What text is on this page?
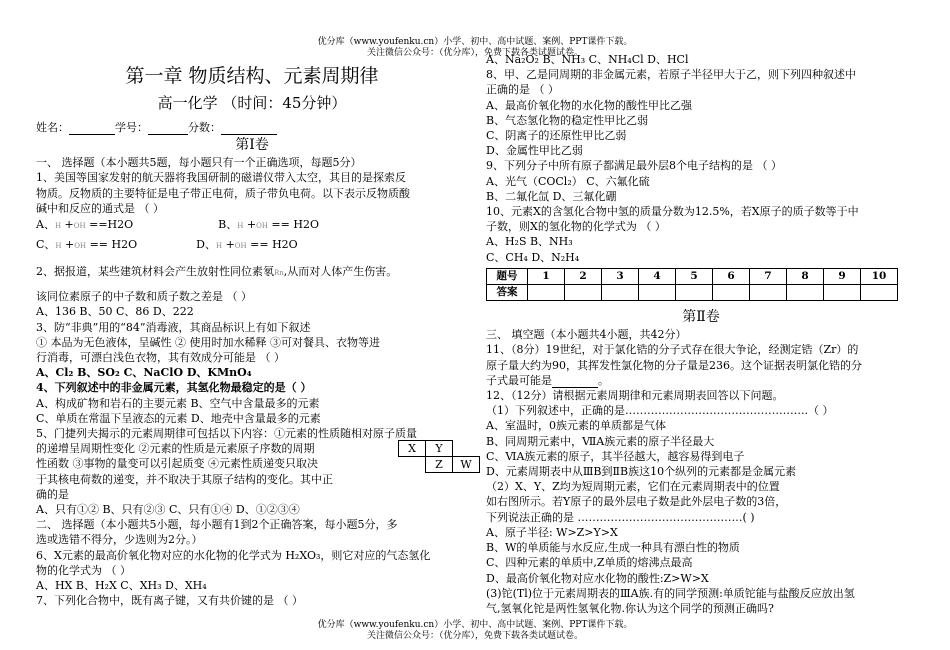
优分库（www.youfenku.cn）小学、初中、高中试题、案例、PPT课件下载。
关注微信公众号：（优分库），免费下载各类试题试卷。

第一章 物质结构、元素周期律

高一化学 （时间：45分钟）

姓名：	学号：	分数：

第Ⅰ卷

一、 选择题（本小题共5题，每小题只有一个正确选项，每题5分）

1、美国等国家发射的航天器将我国研制的磁谱仪带入太空，其目的是探索反

物质。反物质的主要特征是电子带正电荷，质子带负电荷。以下表示反物质酸

碱中和反应的通式是 （ ）

A、H +OH ==H2O	B、H +OH == H2O

C、H +OH == H2O	D、H +OH == H2O

2、据报道，某些建筑材料会产生放射性同位素氡Rn,从而对人体产生伤害。

该同位素原子的中子数和质子数之差是 （ ）

A、136 B、50 C、86 D、222

3、防“非典”用的“84”消毒液，其商品标识上有如下叙述

① 本品为无色液体，呈碱性 ② 使用时加水稀释 ③可对餐具、衣物等进

行消毒，可漂白浅色衣物，其有效成分可能是 （ ）

A、Cl₂ B、SO₂ C、NaClO D、KMnO₄

4、下列叙述中的非金属元素，其氢化物最稳定的是（ ）

A、构成矿物和岩石的主要元素 B、空气中含量最多的元素

C、单质在常温下呈液态的元素 D、地壳中含量最多的元素

5、门捷列夫揭示的元素周期律可包括以下内容：①元素的性质随相对原子质量

的递增呈周期性变化 ②元素的性质是元素原子序数的周期

性函数 ③事物的量变可以引起质变 ④元素性质递变只取决

于其核电荷数的递变，并不取决于其原子结构的变化。其中正

确的是

A、只有①② B、只有②③ C、只有①④ D、①②③④

二、 选择题（本小题共5小题，每小题有1到2个正确答案，每小题5分，多

选或选错不得分，少选则为2分。）

6、X元素的最高价氧化物对应的水化物的化学式为 H₂XO₃，则它对应的气态氢化

物的化学式为 （ ）

A、HX B、H₂X C、XH₃ D、XH₄

7、下列化合物中，既有离子键，又有共价键的是 （ ）

X	Y	
	Z	W

A、Na₂O₂ B、NH₃ C、NH₄Cl D、HCl

8、甲、乙是同周期的非金属元素，若原子半径甲大于乙，则下列四种叙述中

正确的是 （ ）

A、最高价氧化物的水化物的酸性甲比乙强

B、气态氢化物的稳定性甲比乙弱

C、阴离子的还原性甲比乙弱

D、金属性甲比乙弱

9、下列分子中所有原子都满足最外层8个电子结构的是 （ ）

A、光气（COCl₂） C、六氟化硫

B、二氟化氙 D、三氟化硼

10、元素X的含氢化合物中氢的质量分数为12.5%，若X原子的质子数等于中

子数，则X的氢化物的化学式为 （ ）

A、H₂S B、NH₃

C、CH₄ D、N₂H₄

题号	1	2	3	4	5	6	7	8	9	10
答案										

第Ⅱ卷

三、 填空题（本小题共4小题，共42分）

11、（8分）19世纪，对于氯化锆的分子式存在很大争论，经测定锆（Zr）的

原子量大约为90，其挥发性氯化物的分子量是236。这个证据表明氯化锆的分

子式最可能是	。

12、（12分）请根据元素周期律和元素周期表回答以下问题。

（1）下列叙述中，正确的是…………………………………………..（ ）

A、室温时，0族元素的单质都是气体

B、同周期元素中，ⅦA族元素的原子半径最大

C、ⅥA族元素的原子，其半径越大，越容易得到电子

D、元素周期表中从ⅢB到ⅡB族这10个纵列的元素都是金属元素

（2）X、Y、Z均为短周期元素，它们在元素周期表中的位置

如右图所示。若Y原子的最外层电子数是此外层电子数的3倍，

下列说法正确的是 ………………………………………( )

A、原子半径: W>Z>Y>X

B、W的单质能与水反应,生成一种具有漂白性的物质

C、四种元素的单质中,Z单质的熔沸点最高

D、最高价氧化物对应水化物的酸性:Z>W>X

(3)铊(Tl)位于元素周期表的ⅢA族.有的同学预测:单质铊能与盐酸反应放出氢

气,氢氧化铊是两性氢氧化物.你认为这个同学的预测正确吗?

优分库（www.youfenku.cn）小学、初中、高中试题、案例、PPT课件下载。
关注微信公众号：（优分库），免费下载各类试题试卷。
